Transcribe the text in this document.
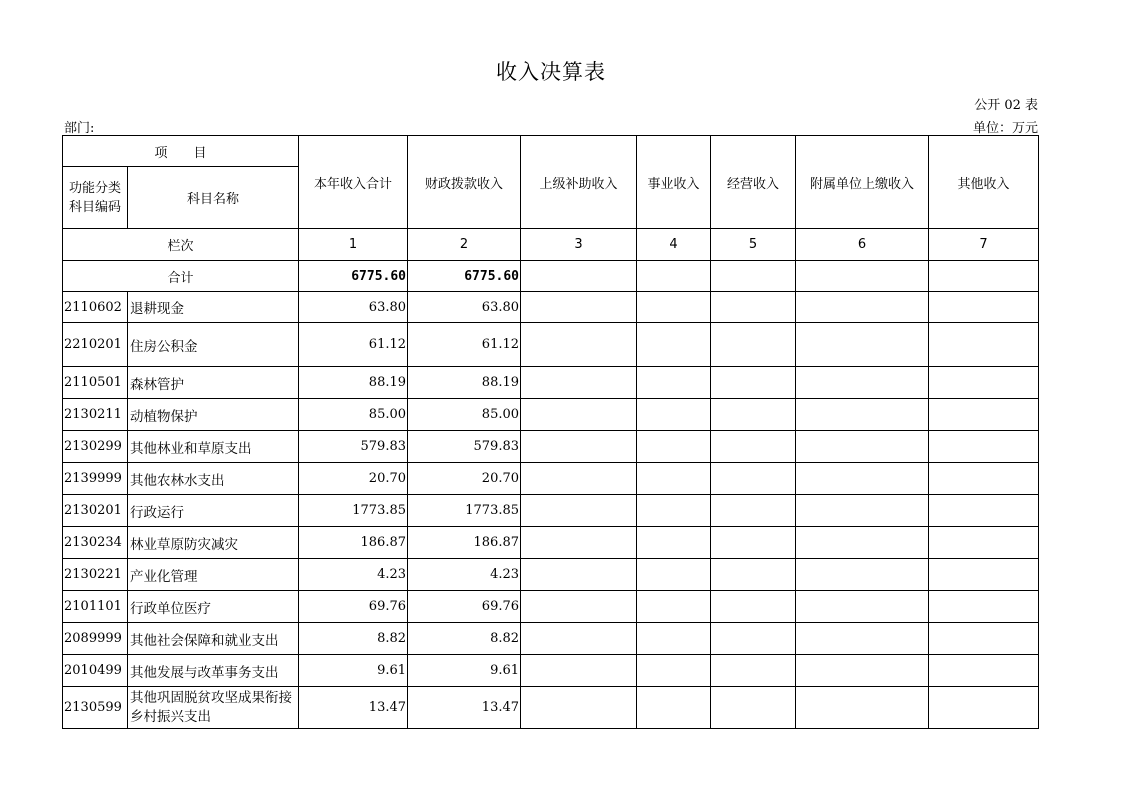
收入决算表
公开 02 表
部门:	单位：万元
项　　目		本年收入合计	财政拨款收入	上级补助收入	事业收入	经营收入	附属单位上缴收入	其他收入

功能分类
科目编码	科目名称							
栏次		1	2	3	4	5	6	7
合计		6775.60	6775.60					
2110602	退耕现金	63.80	63.80					
2210201	住房公积金	61.12	61.12					
2110501	森林管护	88.19	88.19					
2130211	动植物保护	85.00	85.00					
2130299	其他林业和草原支出	579.83	579.83					
2139999	其他农林水支出	20.70	20.70					
2130201	行政运行	1773.85	1773.85					
2130234	林业草原防灾减灾	186.87	186.87					
2130221	产业化管理	4.23	4.23					
2101101	行政单位医疗	69.76	69.76					
2089999	其他社会保障和就业支出	8.82	8.82					
2010499	其他发展与改革事务支出	9.61	9.61					
2130599	其他巩固脱贫攻坚成果衔接乡村振兴支出	13.47	13.47					
